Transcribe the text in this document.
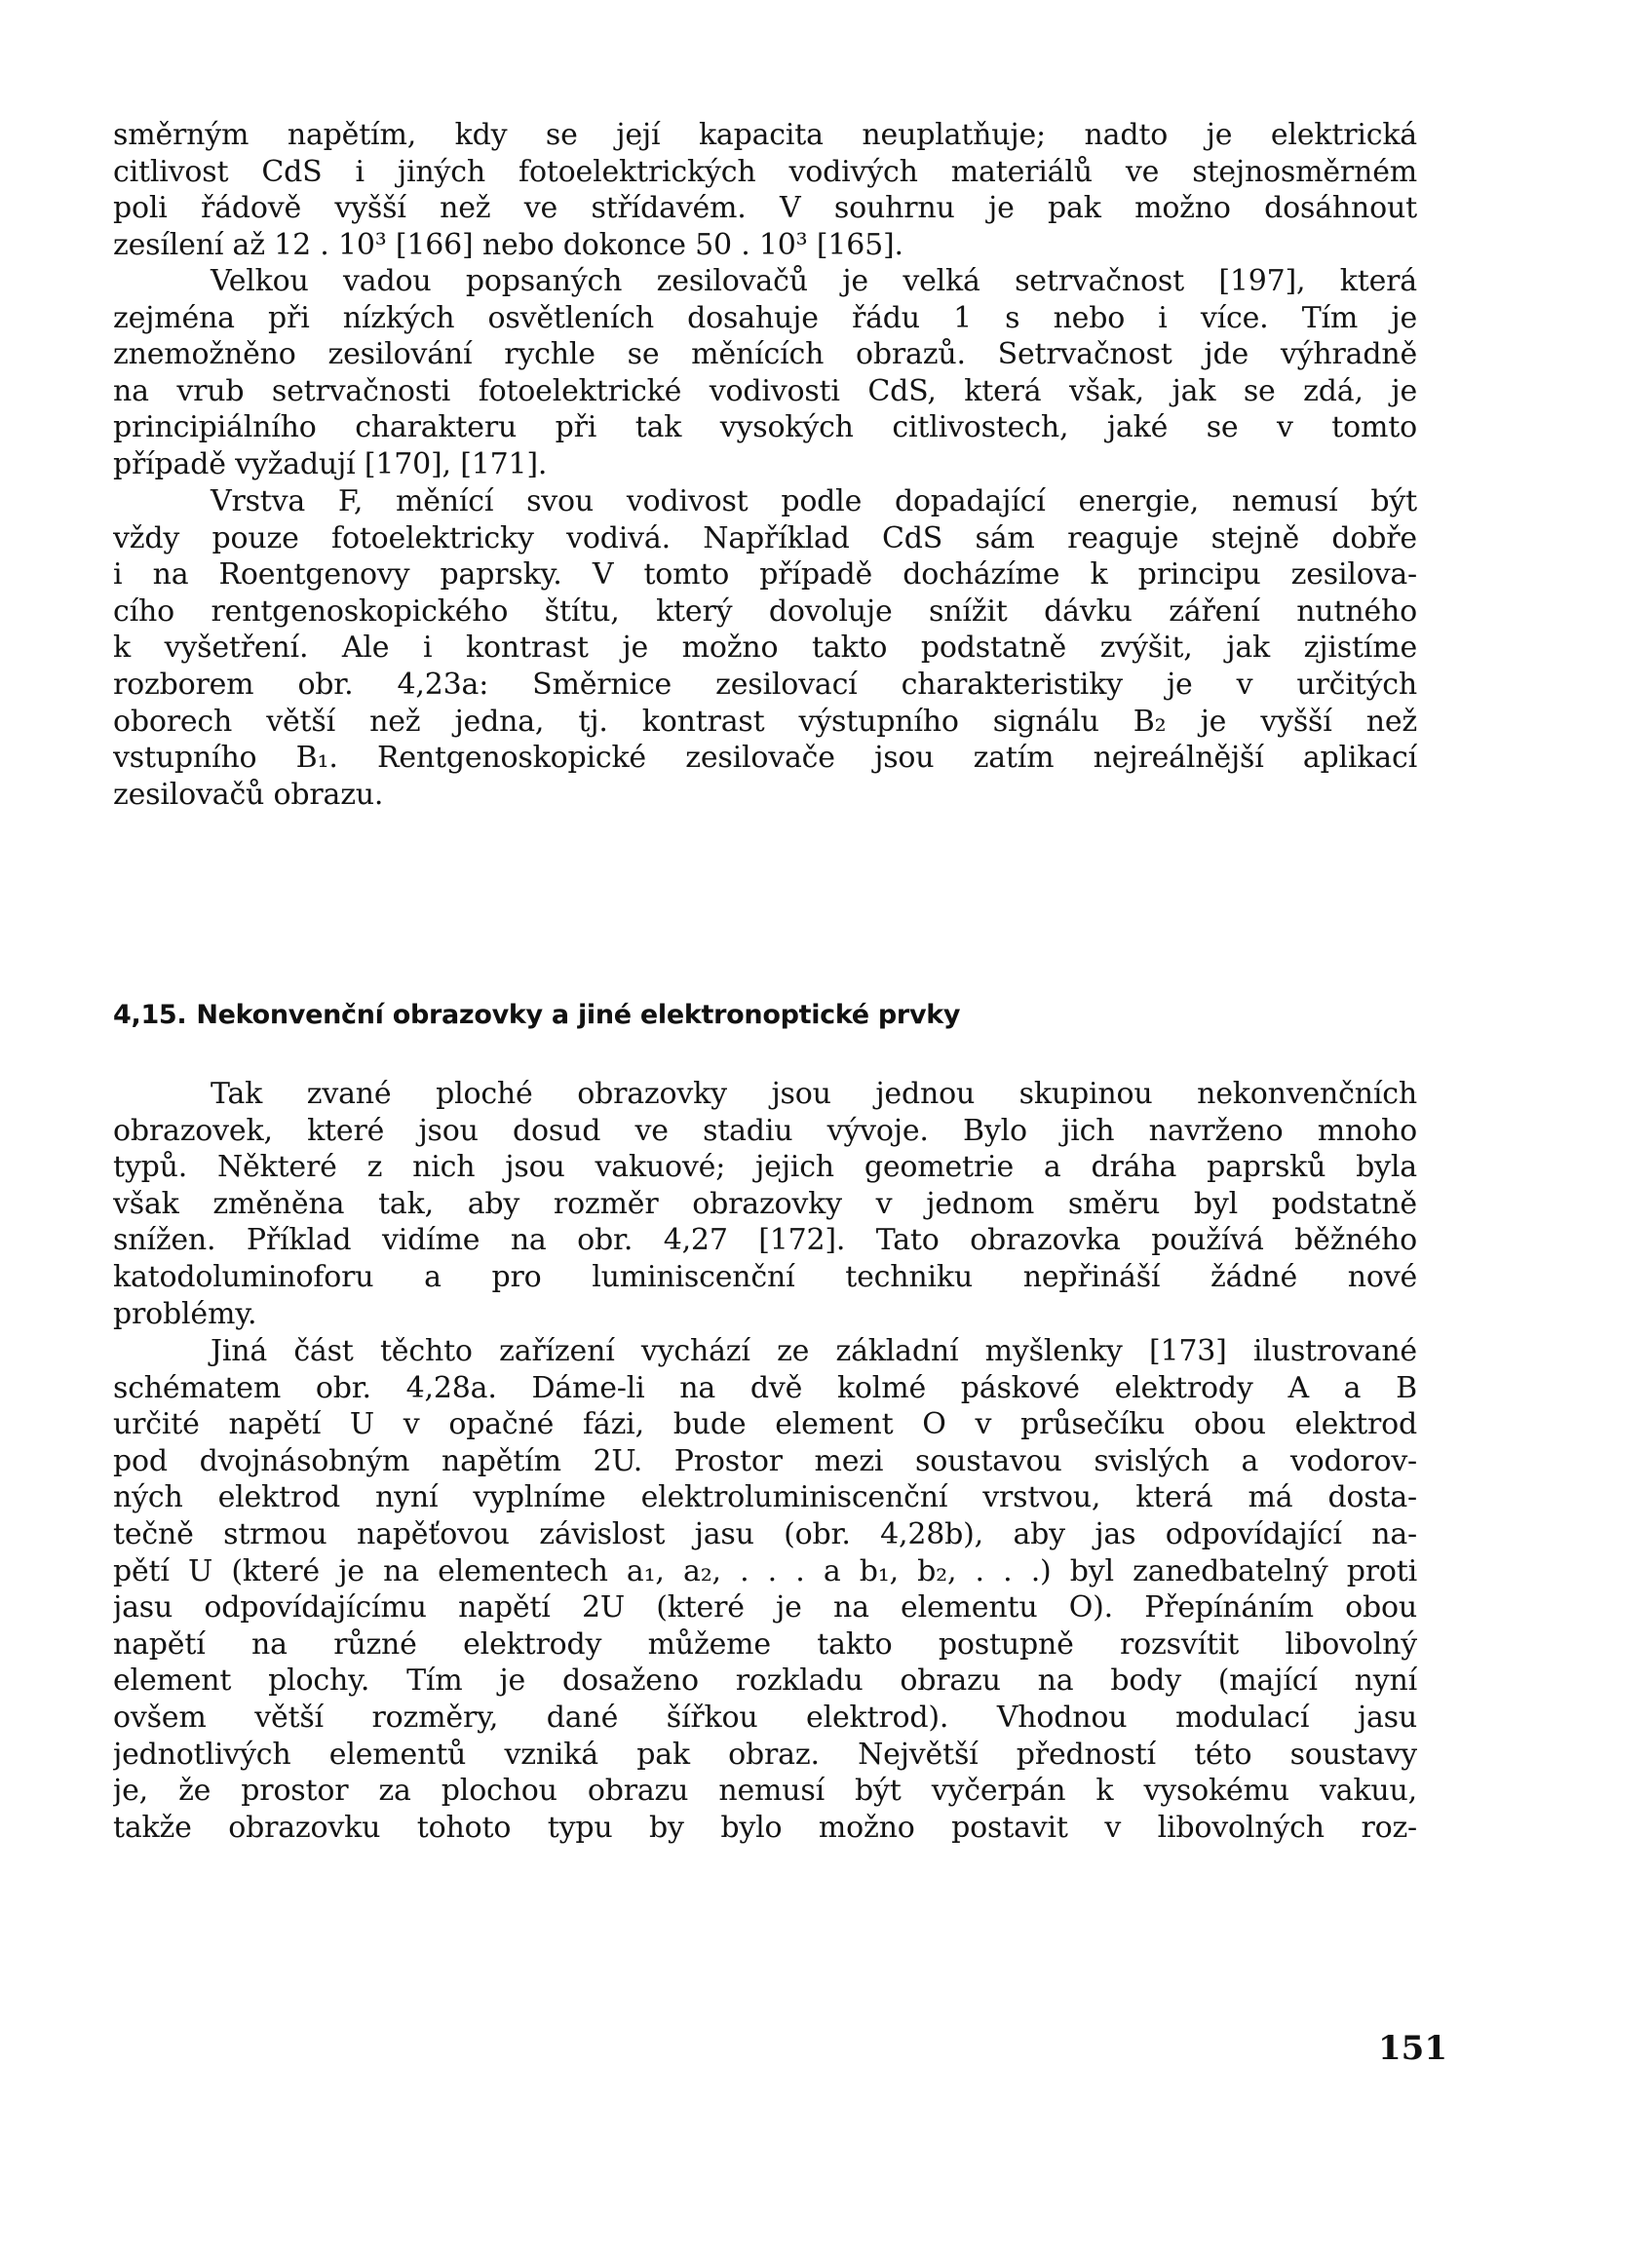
směrným napětím, kdy se její kapacita neuplatňuje; nadto je elektrická
citlivost CdS i jiných fotoelektrických vodivých materiálů ve stejnosměrném
poli řádově vyšší než ve střídavém. V souhrnu je pak možno dosáhnout
zesílení až 12 . 10³ [166] nebo dokonce 50 . 10³ [165].
Velkou vadou popsaných zesilovačů je velká setrvačnost [197], která
zejména při nízkých osvětleních dosahuje řádu 1 s nebo i více. Tím je
znemožněno zesilování rychle se měnících obrazů. Setrvačnost jde výhradně
na vrub setrvačnosti fotoelektrické vodivosti CdS, která však, jak se zdá, je
principiálního charakteru při tak vysokých citlivostech, jaké se v tomto
případě vyžadují [170], [171].
Vrstva F, měnící svou vodivost podle dopadající energie, nemusí být
vždy pouze fotoelektricky vodivá. Například CdS sám reaguje stejně dobře
i na Roentgenovy paprsky. V tomto případě docházíme k principu zesilova-
cího rentgenoskopického štítu, který dovoluje snížit dávku záření nutného
k vyšetření. Ale i kontrast je možno takto podstatně zvýšit, jak zjistíme
rozborem obr. 4,23a: Směrnice zesilovací charakteristiky je v určitých
oborech větší než jedna, tj. kontrast výstupního signálu B₂ je vyšší než
vstupního B₁. Rentgenoskopické zesilovače jsou zatím nejreálnější aplikací
zesilovačů obrazu.
4,15. Nekonvenční obrazovky a jiné elektronoptické prvky
Tak zvané ploché obrazovky jsou jednou skupinou nekonvenčních
obrazovek, které jsou dosud ve stadiu vývoje. Bylo jich navrženo mnoho
typů. Některé z nich jsou vakuové; jejich geometrie a dráha paprsků byla
však změněna tak, aby rozměr obrazovky v jednom směru byl podstatně
snížen. Příklad vidíme na obr. 4,27 [172]. Tato obrazovka používá běžného
katodoluminoforu a pro luminiscenční techniku nepřináší žádné nové
problémy.
Jiná část těchto zařízení vychází ze základní myšlenky [173] ilustrované
schématem obr. 4,28a. Dáme-li na dvě kolmé páskové elektrody A a B
určité napětí U v opačné fázi, bude element O v průsečíku obou elektrod
pod dvojnásobným napětím 2U. Prostor mezi soustavou svislých a vodorov-
ných elektrod nyní vyplníme elektroluminiscenční vrstvou, která má dosta-
tečně strmou napěťovou závislost jasu (obr. 4,28b), aby jas odpovídající na-
pětí U (které je na elementech a₁, a₂, . . . a b₁, b₂, . . .) byl zanedbatelný proti
jasu odpovídajícímu napětí 2U (které je na elementu O). Přepínáním obou
napětí na různé elektrody můžeme takto postupně rozsvítit libovolný
element plochy. Tím je dosaženo rozkladu obrazu na body (mající nyní
ovšem větší rozměry, dané šířkou elektrod). Vhodnou modulací jasu
jednotlivých elementů vzniká pak obraz. Největší předností této soustavy
je, že prostor za plochou obrazu nemusí být vyčerpán k vysokému vakuu,
takže obrazovku tohoto typu by bylo možno postavit v libovolných roz-
151
